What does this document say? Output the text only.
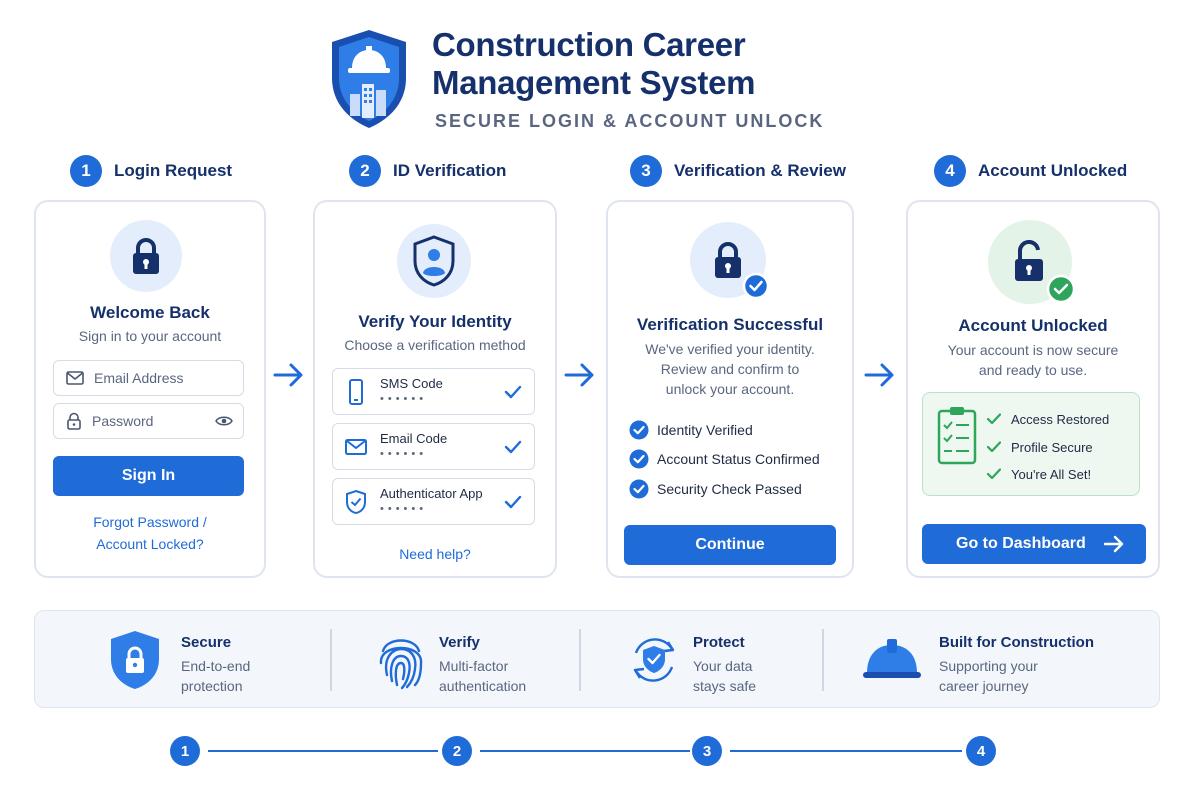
Construction Career
Management System
SECURE LOGIN & ACCOUNT UNLOCK
1	Login Request	2	ID Verification	3	Verification & Review	4	Account Unlocked
Welcome Back
Sign in to your account
Email Address
Password
Sign In
Forgot Password /
Account Locked?
Verify Your Identity
Choose a verification method
SMS Code
••••••
Email Code
••••••
Authenticator App
••••••
Need help?
Verification Successful
We've verified your identity.
Review and confirm to
unlock your account.
Identity Verified
Account Status Confirmed
Security Check Passed
Continue
Account Unlocked
Your account is now secure
and ready to use.
Access Restored
Profile Secure
You're All Set!
Go to Dashboard
Secure
End-to-end
protection
Verify
Multi-factor
authentication
Protect
Your data
stays safe
Built for Construction
Supporting your
career journey
1	2	3	4
